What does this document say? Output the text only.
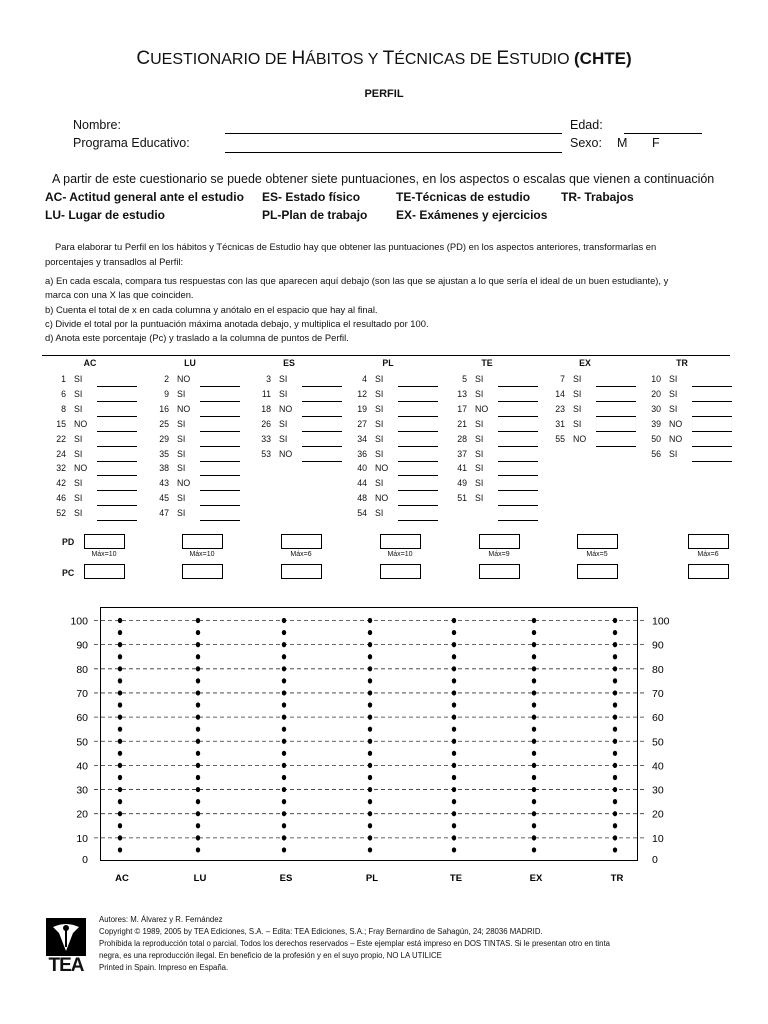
CUESTIONARIO DE HÁBITOS Y TÉCNICAS DE ESTUDIO (CHTE)
PERFIL
Nombre:
Programa Educativo:
Edad:
Sexo: M F
A partir de este cuestionario se puede obtener siete puntuaciones, en los aspectos o escalas que vienen a continuación
AC- Actitud general ante el estudio ES- Estado físico	TE-Técnicas de estudio	TR- Trabajos
LU- Lugar de estudio	PL-Plan de trabajo EX- Exámenes y ejercicios
Para elaborar tu Perfil en los hábitos y Técnicas de Estudio hay que obtener las puntuaciones (PD) en los aspectos anteriores, transformarlas en
porcentajes y transadlos al Perfil:
a) En cada escala, compara tus respuestas con las que aparecen aquí debajo (son las que se ajustan a lo que sería el ideal de un buen estudiante), y
marca con una X las que coinciden.
b) Cuenta el total de x en cada columna y anótalo en el espacio que hay al final.
c) Divide el total por la puntuación máxima anotada debajo, y multiplica el resultado por 100.
d) Anota este porcentaje (Pc) y traslado a la columna de puntos de Perfil.
AC
1 SI
6 SI
8 SI
15 NO
22 SI
24 SI
32 NO
42 SI
46 SI
52 SI
Máx=10
LU
2 NO
9 SI
16 NO
25 SI
29 SI
35 SI
38 SI
43 NO
45 SI
47 SI
Máx=10
ES
3 SI
11 SI
18 NO
26 SI
33 SI
53 NO
Máx=6
PL
4 SI
12 SI
19 SI
27 SI
34 SI
36 SI
40 NO
44 SI
48 NO
54 SI
Máx=10
TE
5 SI
13 SI
17 NO
21 SI
28 SI
37 SI
41 SI
49 SI
51 SI
Máx=9
EX
7 SI
14 SI
23 SI
31 SI
55 NO
Máx=5
TR
10 SI
20 SI
30 SI
39 NO
50 NO
56 SI
Máx=6
PD
PC
100	100
90	90
80	80
70	70
60	60
50	50
40	40
30	30
20	20
10	10
0	0
AC	LU	ES	PL	TE	EX	TR
TEA
Autores: M. Álvarez y R. Fernández
Copyright © 1989, 2005 by TEA Ediciones, S.A. – Edita: TEA Ediciones, S.A.; Fray Bernardino de Sahagún, 24; 28036 MADRID.
Prohibida la reproducción total o parcial. Todos los derechos reservados – Este ejemplar está impreso en DOS TINTAS. Si le presentan otro en tinta
negra, es una reproducción ilegal. En beneficio de la profesión y en el suyo propio, NO LA UTILICE
Printed in Spain. Impreso en España.
